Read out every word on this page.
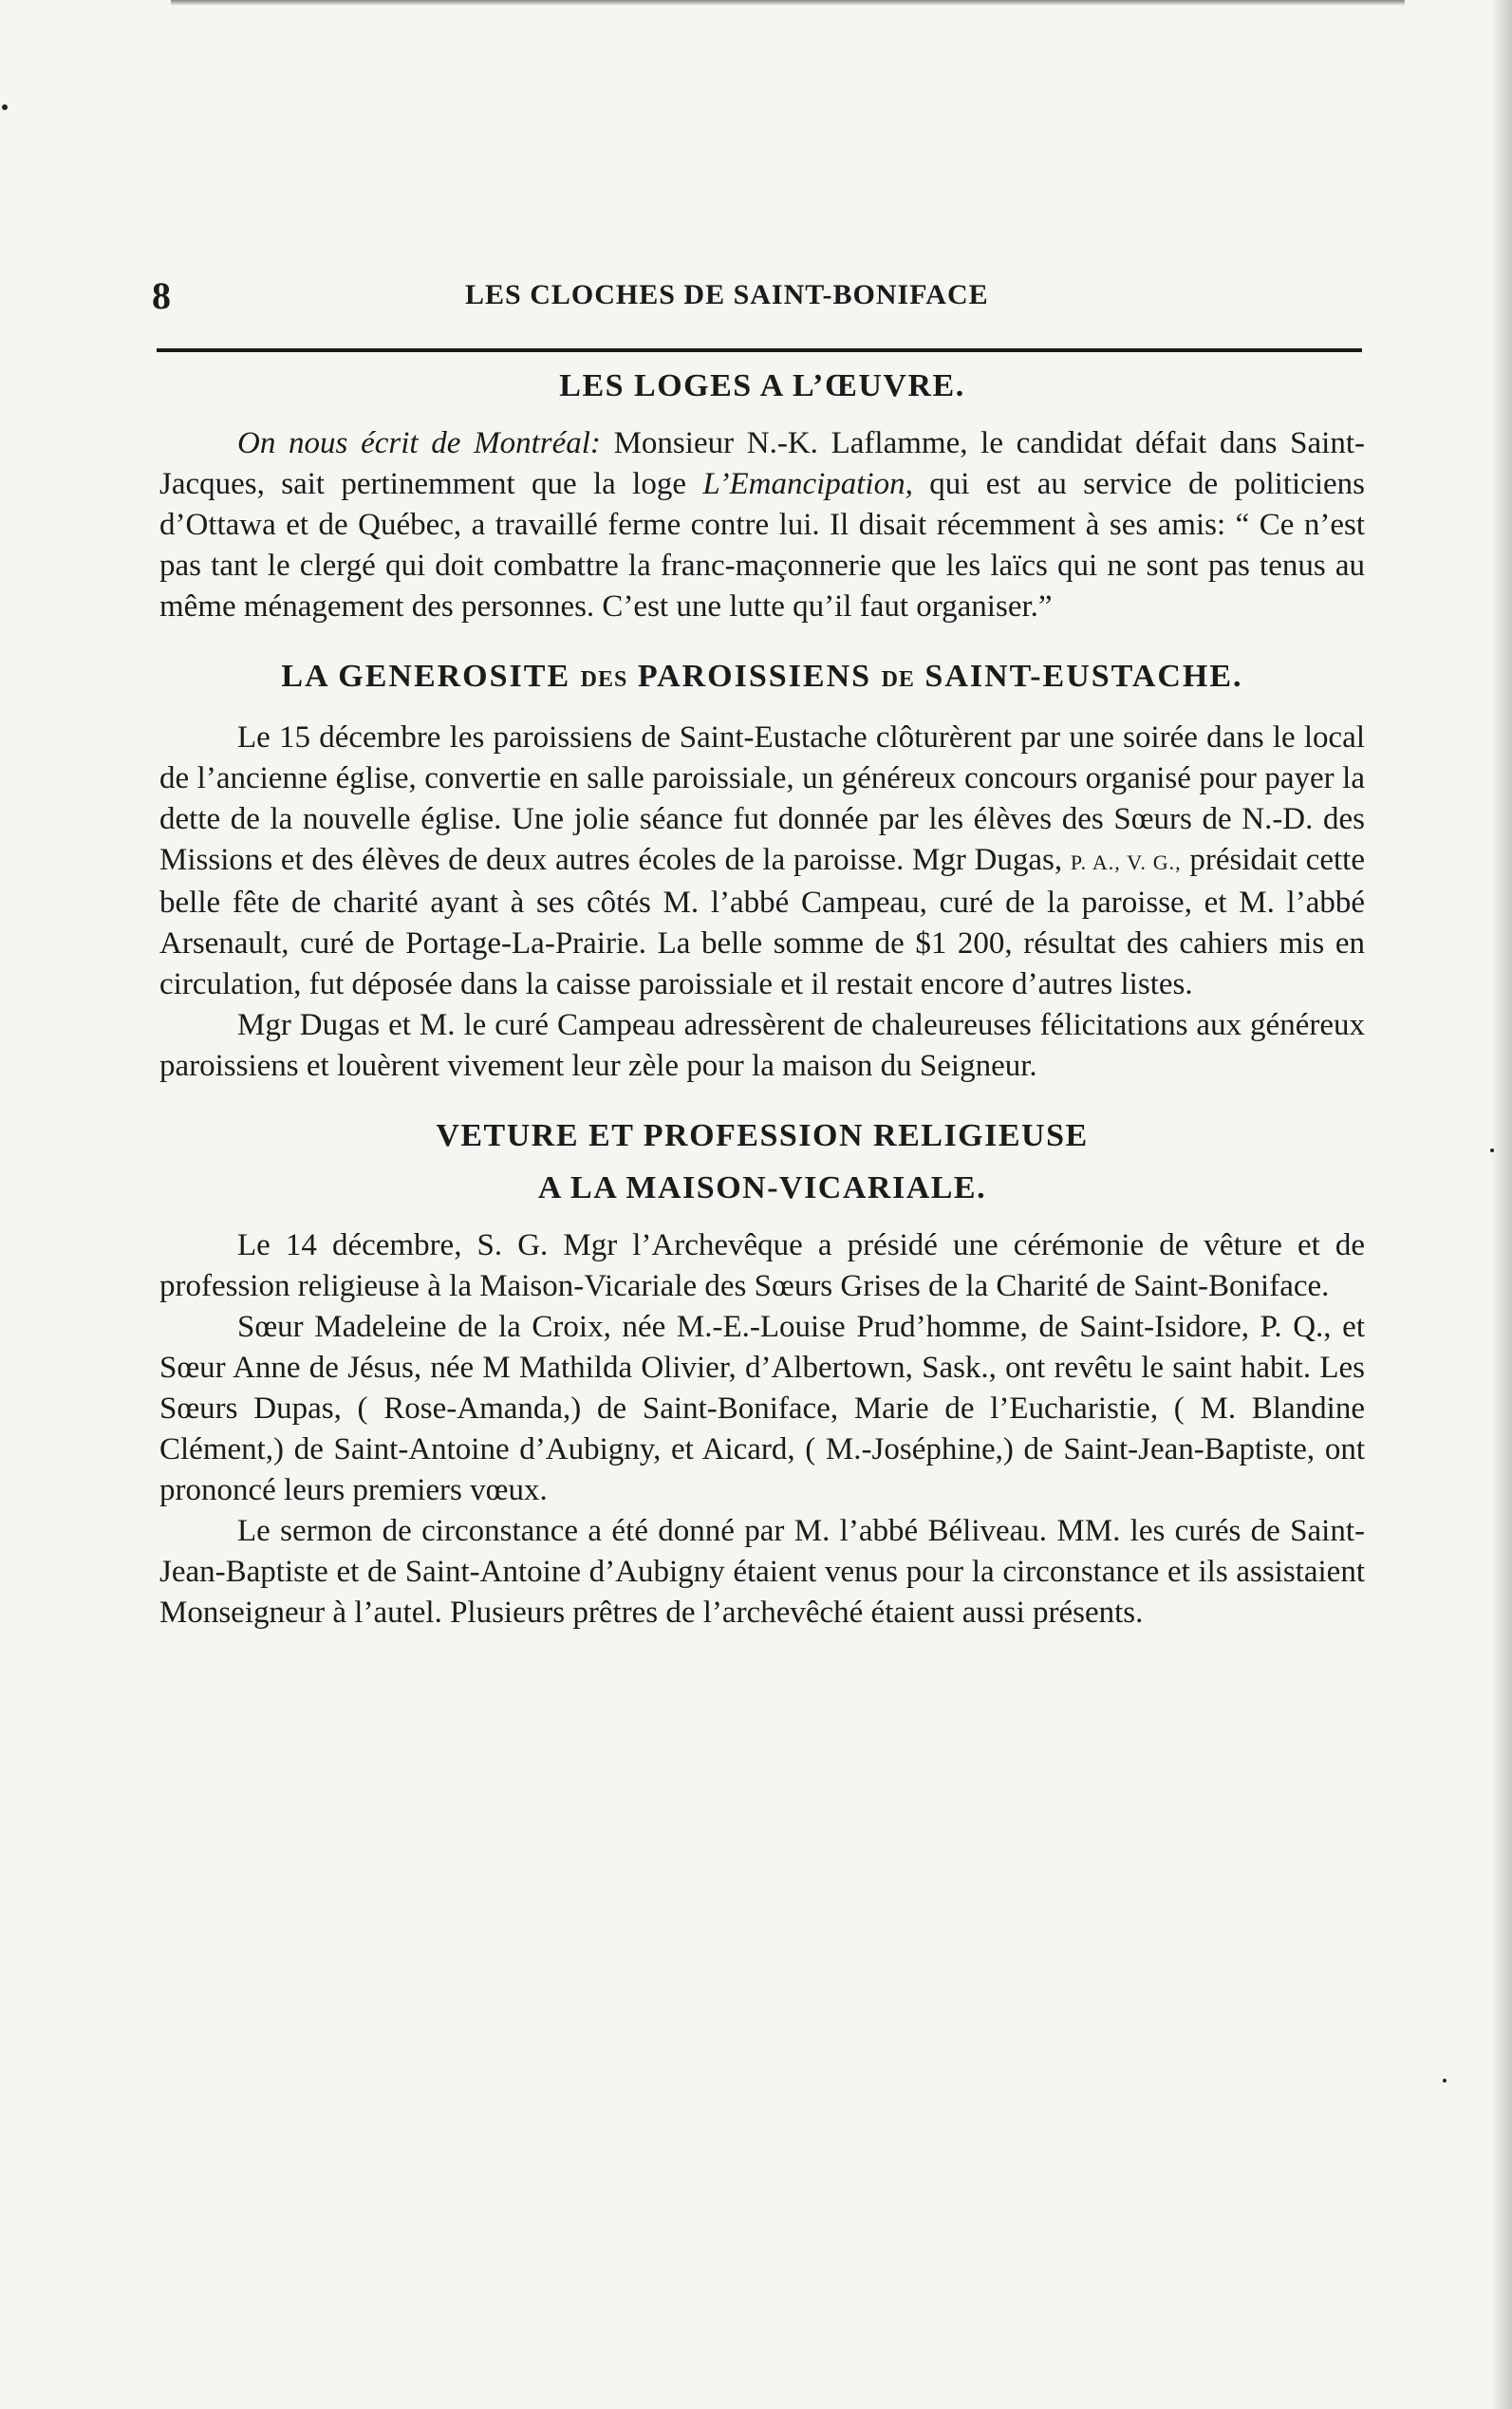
8	LES CLOCHES DE SAINT-BONIFACE
LES LOGES A L’ŒUVRE.

On nous écrit de Montréal: Monsieur N.-K. Laflamme, le candidat défait dans Saint-Jacques, sait pertinemment que la loge L’Emancipation, qui est au service de politiciens d’Ottawa et de Québec, a travaillé ferme contre lui. Il disait récemment à ses amis: “ Ce n’est pas tant le clergé qui doit combattre la franc-maçonnerie que les laïcs qui ne sont pas tenus au même ménagement des personnes. C’est une lutte qu’il faut organiser.”

LA GENEROSITE DES PAROISSIENS DE SAINT-EUSTACHE.

Le 15 décembre les paroissiens de Saint-Eustache clôturèrent par une soirée dans le local de l’ancienne église, convertie en salle paroissiale, un généreux concours organisé pour payer la dette de la nouvelle église. Une jolie séance fut donnée par les élèves des Sœurs de N.-D. des Missions et des élèves de deux autres écoles de la paroisse. Mgr Dugas, P. A., V. G., présidait cette belle fête de charité ayant à ses côtés M. l’abbé Campeau, curé de la paroisse, et M. l’abbé Arsenault, curé de Portage-La-Prairie. La belle somme de $1 200, résultat des cahiers mis en circulation, fut déposée dans la caisse paroissiale et il restait encore d’autres listes.

Mgr Dugas et M. le curé Campeau adressèrent de chaleureuses félicitations aux généreux paroissiens et louèrent vivement leur zèle pour la maison du Seigneur.

VETURE ET PROFESSION RELIGIEUSE
A LA MAISON-VICARIALE.

Le 14 décembre, S. G. Mgr l’Archevêque a présidé une cérémonie de vêture et de profession religieuse à la Maison-Vicariale des Sœurs Grises de la Charité de Saint-Boniface.

Sœur Madeleine de la Croix, née M.-E.-Louise Prud’homme, de Saint-Isidore, P. Q., et Sœur Anne de Jésus, née M Mathilda Olivier, d’Albertown, Sask., ont revêtu le saint habit. Les Sœurs Dupas, ( Rose-Amanda,) de Saint-Boniface, Marie de l’Eucharistie, ( M. Blandine Clément,) de Saint-Antoine d’Aubigny, et Aicard, ( M.-Joséphine,) de Saint-Jean-Baptiste, ont prononcé leurs premiers vœux.

Le sermon de circonstance a été donné par M. l’abbé Béliveau. MM. les curés de Saint-Jean-Baptiste et de Saint-Antoine d’Aubigny étaient venus pour la circonstance et ils assistaient Monseigneur à l’autel. Plusieurs prêtres de l’archevêché étaient aussi présents.
